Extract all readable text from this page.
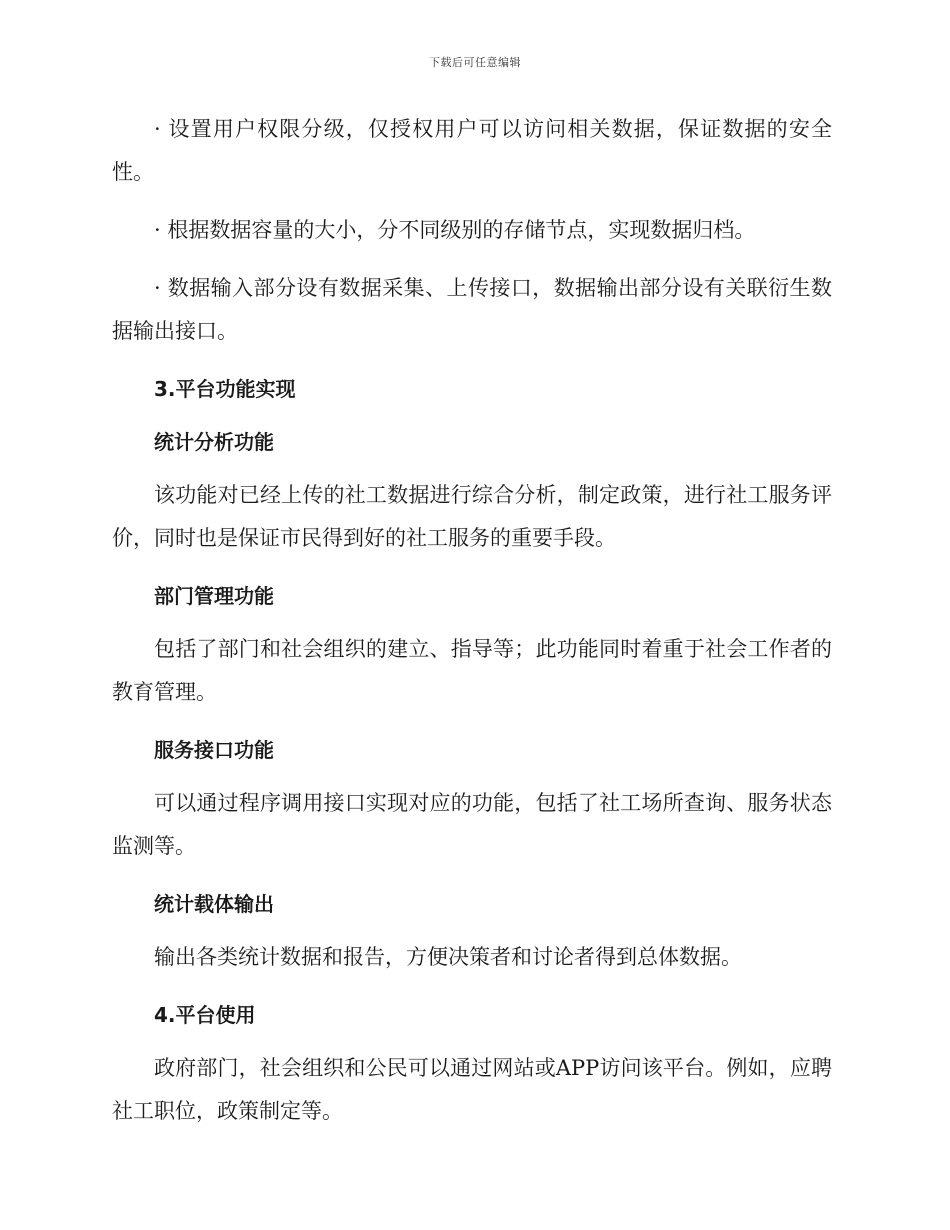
下载后可任意编辑

· 设置用户权限分级，仅授权用户可以访问相关数据，保证数据的安全性。

· 根据数据容量的大小，分不同级别的存储节点，实现数据归档。

· 数据输入部分设有数据采集、上传接口，数据输出部分设有关联衍生数据输出接口。

3.平台功能实现

统计分析功能

该功能对已经上传的社工数据进行综合分析，制定政策，进行社工服务评价，同时也是保证市民得到好的社工服务的重要手段。

部门管理功能

包括了部门和社会组织的建立、指导等；此功能同时着重于社会工作者的教育管理。

服务接口功能

可以通过程序调用接口实现对应的功能，包括了社工场所查询、服务状态监测等。

统计载体输出

输出各类统计数据和报告，方便决策者和讨论者得到总体数据。

4.平台使用

政府部门，社会组织和公民可以通过网站或APP访问该平台。例如，应聘社工职位，政策制定等。
